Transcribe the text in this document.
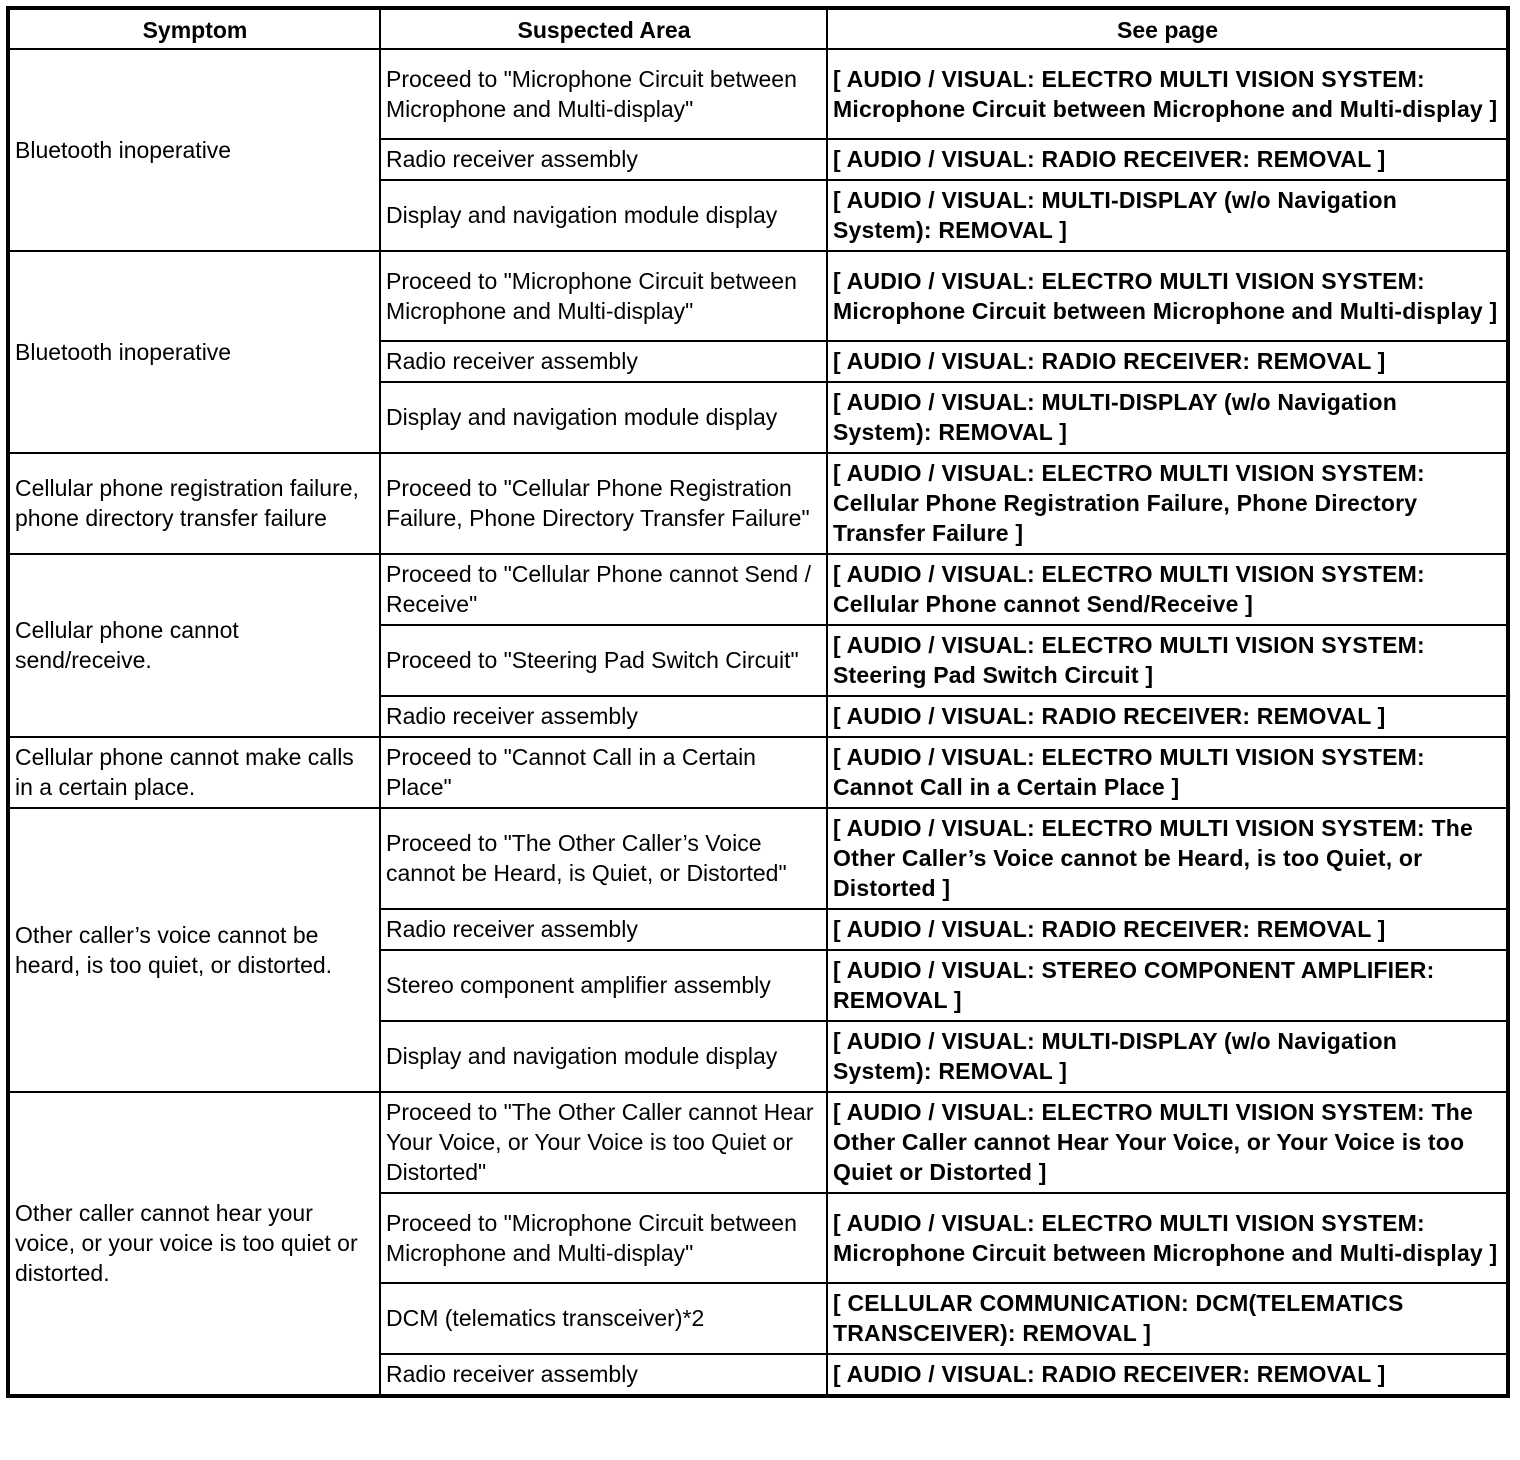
Symptom	Suspected Area	See page
Bluetooth inoperative	Proceed to "Microphone Circuit between Microphone and Multi-display"	[ AUDIO / VISUAL: ELECTRO MULTI VISION SYSTEM: Microphone Circuit between Microphone and Multi-display ]
	Radio receiver assembly	[ AUDIO / VISUAL: RADIO RECEIVER: REMOVAL ]
	Display and navigation module display	[ AUDIO / VISUAL: MULTI-DISPLAY (w/o Navigation System): REMOVAL ]
Bluetooth inoperative	Proceed to "Microphone Circuit between Microphone and Multi-display"	[ AUDIO / VISUAL: ELECTRO MULTI VISION SYSTEM: Microphone Circuit between Microphone and Multi-display ]
	Radio receiver assembly	[ AUDIO / VISUAL: RADIO RECEIVER: REMOVAL ]
	Display and navigation module display	[ AUDIO / VISUAL: MULTI-DISPLAY (w/o Navigation System): REMOVAL ]
Cellular phone registration failure, phone directory transfer failure	Proceed to "Cellular Phone Registration Failure, Phone Directory Transfer Failure"	[ AUDIO / VISUAL: ELECTRO MULTI VISION SYSTEM: Cellular Phone Registration Failure, Phone Directory Transfer Failure ]
Cellular phone cannot send/receive.	Proceed to "Cellular Phone cannot Send / Receive"	[ AUDIO / VISUAL: ELECTRO MULTI VISION SYSTEM: Cellular Phone cannot Send/Receive ]
	Proceed to "Steering Pad Switch Circuit"	[ AUDIO / VISUAL: ELECTRO MULTI VISION SYSTEM: Steering Pad Switch Circuit ]
	Radio receiver assembly	[ AUDIO / VISUAL: RADIO RECEIVER: REMOVAL ]
Cellular phone cannot make calls in a certain place.	Proceed to "Cannot Call in a Certain Place"	[ AUDIO / VISUAL: ELECTRO MULTI VISION SYSTEM: Cannot Call in a Certain Place ]
Other caller’s voice cannot be heard, is too quiet, or distorted.	Proceed to "The Other Caller’s Voice cannot be Heard, is Quiet, or Distorted"	[ AUDIO / VISUAL: ELECTRO MULTI VISION SYSTEM: The Other Caller’s Voice cannot be Heard, is too Quiet, or Distorted ]
	Radio receiver assembly	[ AUDIO / VISUAL: RADIO RECEIVER: REMOVAL ]
	Stereo component amplifier assembly	[ AUDIO / VISUAL: STEREO COMPONENT AMPLIFIER: REMOVAL ]
	Display and navigation module display	[ AUDIO / VISUAL: MULTI-DISPLAY (w/o Navigation System): REMOVAL ]
Other caller cannot hear your voice, or your voice is too quiet or distorted.	Proceed to "The Other Caller cannot Hear Your Voice, or Your Voice is too Quiet or Distorted"	[ AUDIO / VISUAL: ELECTRO MULTI VISION SYSTEM: The Other Caller cannot Hear Your Voice, or Your Voice is too Quiet or Distorted ]
	Proceed to "Microphone Circuit between Microphone and Multi-display"	[ AUDIO / VISUAL: ELECTRO MULTI VISION SYSTEM: Microphone Circuit between Microphone and Multi-display ]
	DCM (telematics transceiver)*2	[ CELLULAR COMMUNICATION: DCM(TELEMATICS TRANSCEIVER): REMOVAL ]
	Radio receiver assembly	[ AUDIO / VISUAL: RADIO RECEIVER: REMOVAL ]
